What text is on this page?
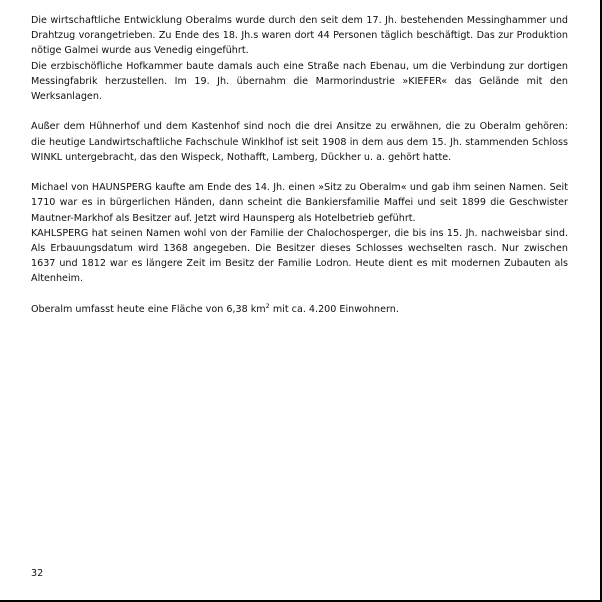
Die wirtschaftliche Entwicklung Oberalms wurde durch den seit dem 17. Jh. bestehenden Messinghammer und Drahtzug vorangetrieben. Zu Ende des 18. Jh.s waren dort 44 Personen täglich beschäftigt. Das zur Produktion nötige Galmei wurde aus Venedig eingeführt.

Die erzbischöfliche Hofkammer baute damals auch eine Straße nach Ebenau, um die Verbindung zur dortigen Messingfabrik herzustellen. Im 19. Jh. übernahm die Marmorindustrie »KIEFER« das Gelände mit den Werksanlagen.

Außer dem Hühnerhof und dem Kastenhof sind noch die drei Ansitze zu erwähnen, die zu Oberalm gehören: die heutige Landwirtschaftliche Fachschule Winklhof ist seit 1908 in dem aus dem 15. Jh. stammenden Schloss WINKL untergebracht, das den Wispeck, Nothafft, Lamberg, Dückher u. a. gehört hatte.

Michael von HAUNSPERG kaufte am Ende des 14. Jh. einen »Sitz zu Oberalm« und gab ihm seinen Namen. Seit 1710 war es in bürgerlichen Händen, dann scheint die Bankiersfamilie Maffei und seit 1899 die Geschwister Mautner-Markhof als Besitzer auf. Jetzt wird Haunsperg als Hotelbetrieb geführt.

KAHLSPERG hat seinen Namen wohl von der Familie der Chalochosperger, die bis ins 15. Jh. nachweisbar sind. Als Erbauungsdatum wird 1368 angegeben. Die Besitzer dieses Schlosses wechselten rasch. Nur zwischen 1637 und 1812 war es längere Zeit im Besitz der Familie Lodron. Heute dient es mit modernen Zubauten als Altenheim.

Oberalm umfasst heute eine Fläche von 6,38 $km^2$ mit ca. 4.200 Einwohnern.

32
